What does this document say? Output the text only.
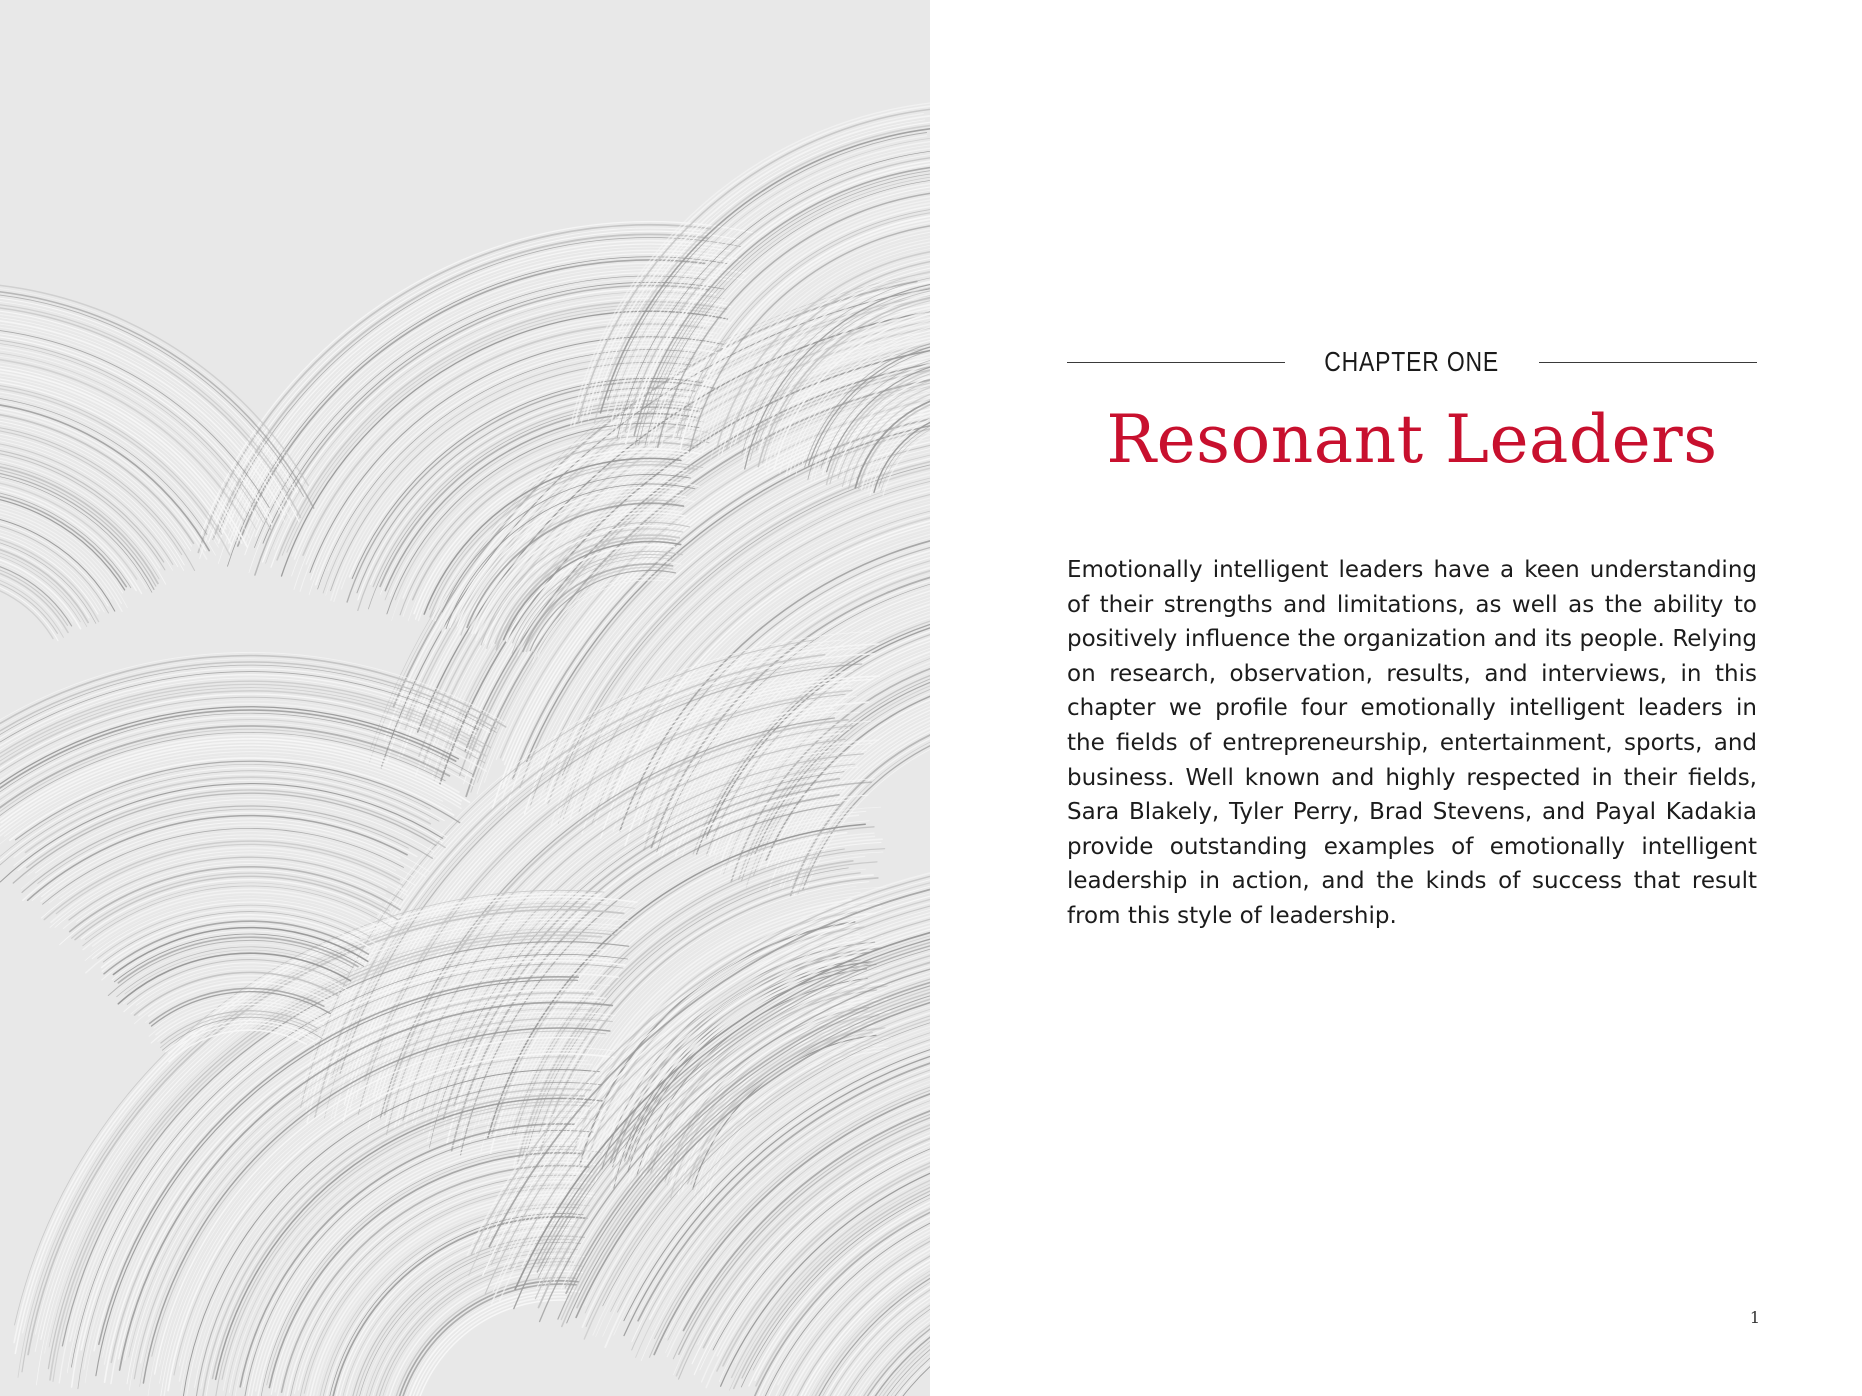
CHAPTER ONE
Resonant Leaders

Emotionally intelligent leaders have a keen understanding of their strengths and limitations, as well as the ability to positively influence the organization and its people. Relying on research, observation, results, and interviews, in this chapter we profile four emotionally intelligent leaders in the fields of entrepreneurship, entertainment, sports, and business. Well known and highly respected in their fields, Sara Blakely, Tyler Perry, Brad Stevens, and Payal Kadakia provide outstanding examples of emotionally intelligent leadership in action, and the kinds of success that result from this style of leadership.

1
